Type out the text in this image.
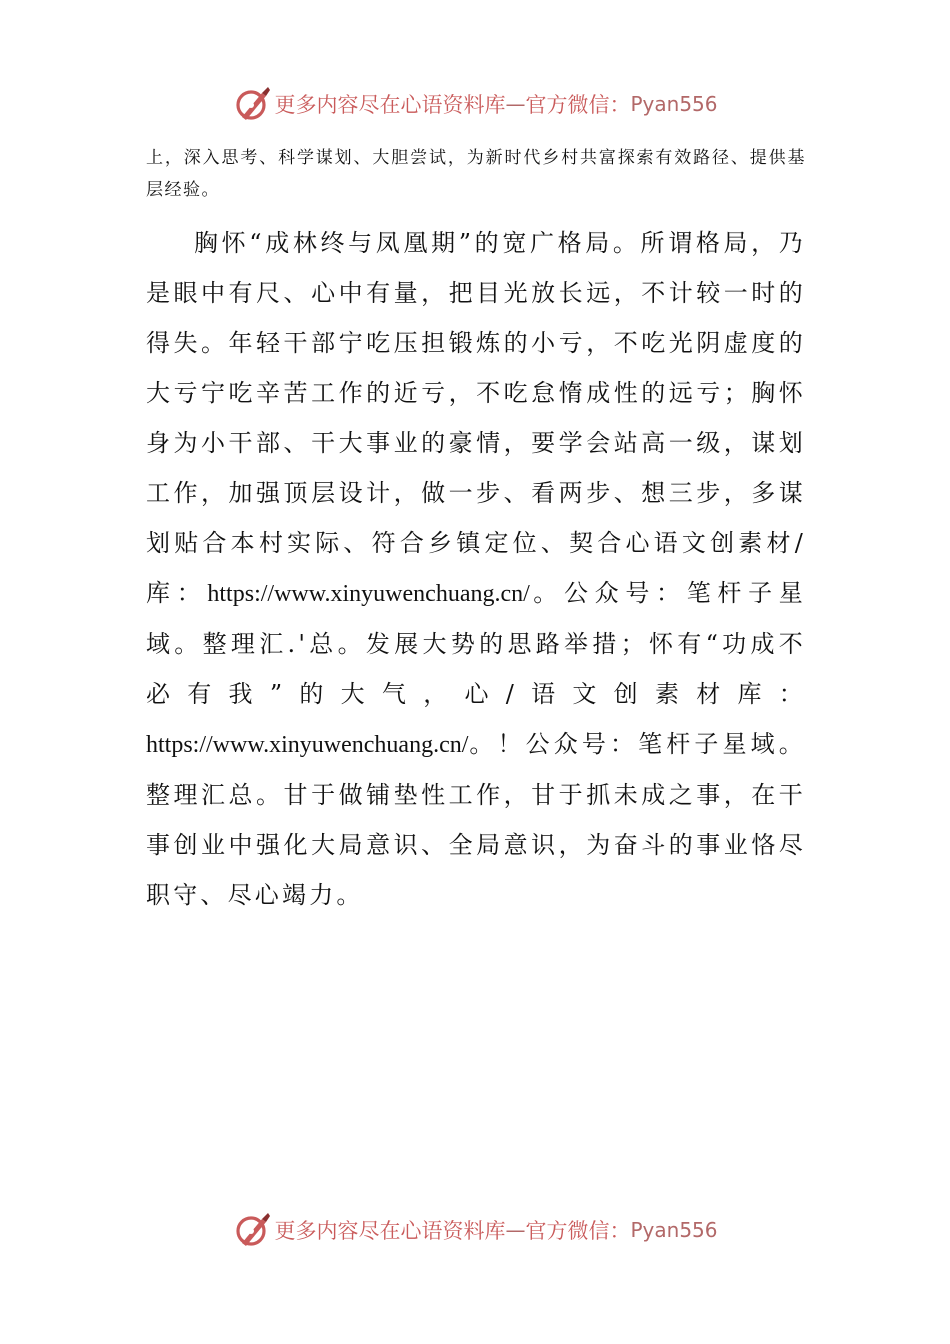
更多内容尽在心语资料库 — 官方微信： Pyan556

上，深入思考、科学谋划、大胆尝试，为新时代乡村共富探索有效路径、提供基层经验。

胸怀“成林终与凤凰期”的宽广格局。所谓格局，乃是眼中有尺、心中有量，把目光放长远，不计较一时的得失。年轻干部宁吃压担锻炼的小亏，不吃光阴虚度的大亏宁吃辛苦工作的近亏，不吃怠惰成性的远亏；胸怀身为小干部、干大事业的豪情，要学会站高一级，谋划工作，加强顶层设计，做一步、看两步、想三步，多谋划贴合本村实际、符合乡镇定位、契合心语文创素材/库：https://www.xinyuwenchuang.cn/。公众号：笔杆子星域。整理汇.'总。发展大势的思路举措；怀有“功成不必有我”的大气，心/语文创素材库：https://www.xinyuwenchuang.cn/。！公众号：笔杆子星域。整理汇总。甘于做铺垫性工作，甘于抓未成之事，在干事创业中强化大局意识、全局意识，为奋斗的事业恪尽职守、尽心竭力。

更多内容尽在心语资料库 — 官方微信： Pyan556
